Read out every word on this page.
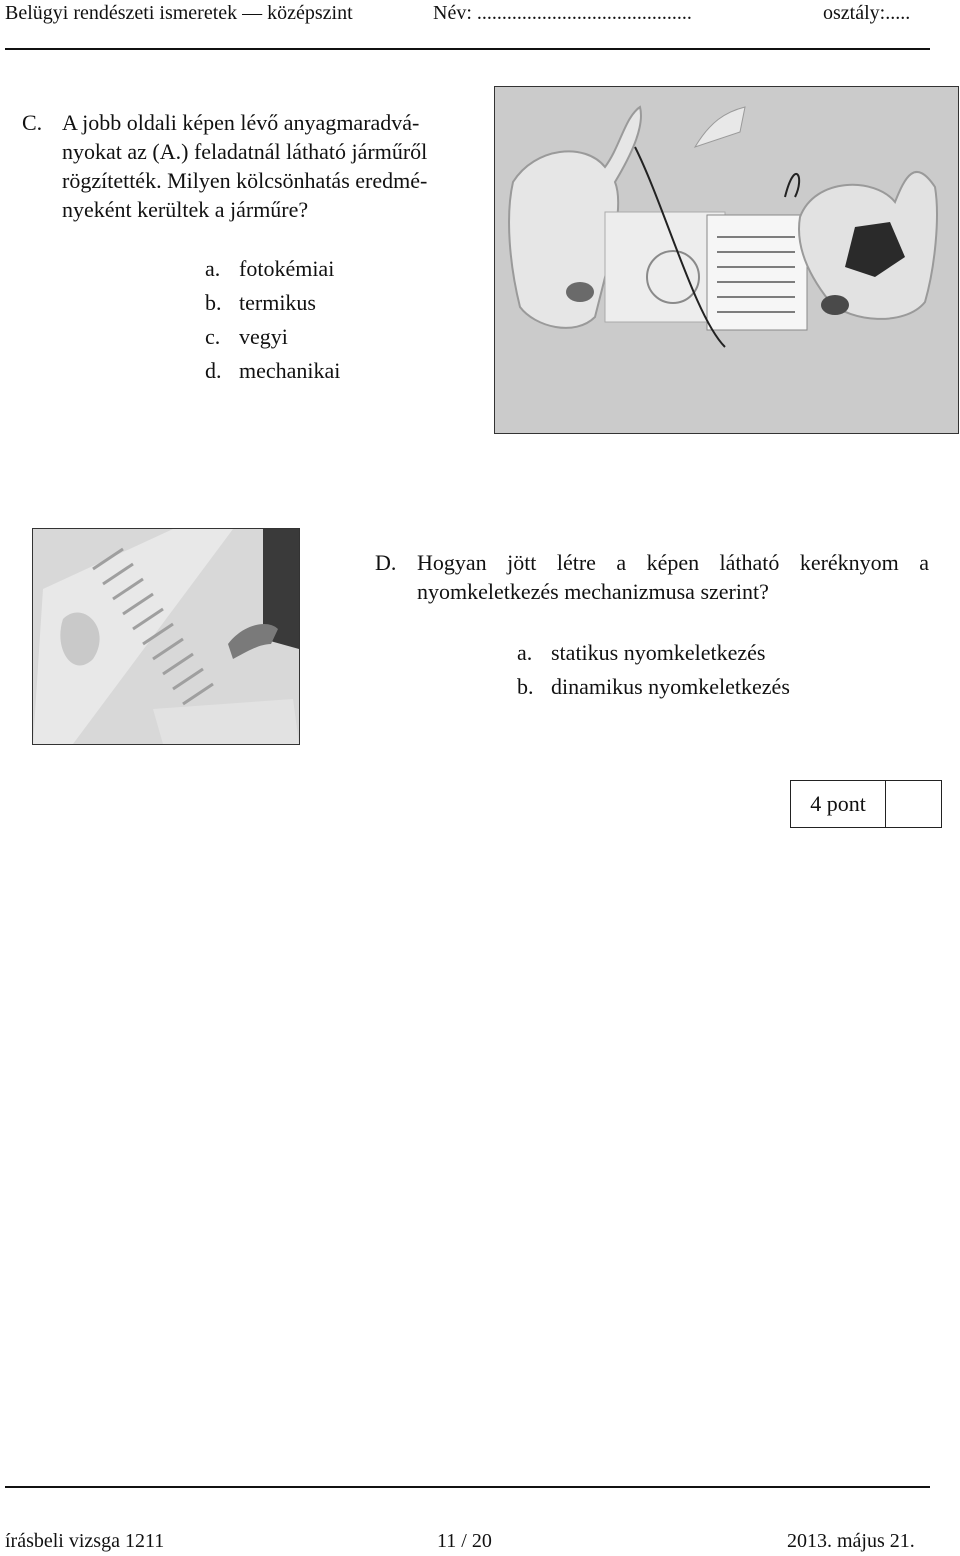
Belügyi rendészeti ismeretek — középszint	Név: ...........................................	osztály:.....
C. A jobb oldali képen lévő anyagmaradvá-
nyokat az (A.) feladatnál látható járműről
rögzítették. Milyen kölcsönhatás eredmé-
nyeként kerültek a járműre?
a. fotokémiai
b. termikus
c. vegyi
d. mechanikai
D. Hogyan jött létre a képen látható keréknyom a nyomkeletkezés mechanizmusa szerint?
a. statikus nyomkeletkezés
b. dinamikus nyomkeletkezés
4 pont
írásbeli vizsga 1211	11 / 20	2013. május 21.
